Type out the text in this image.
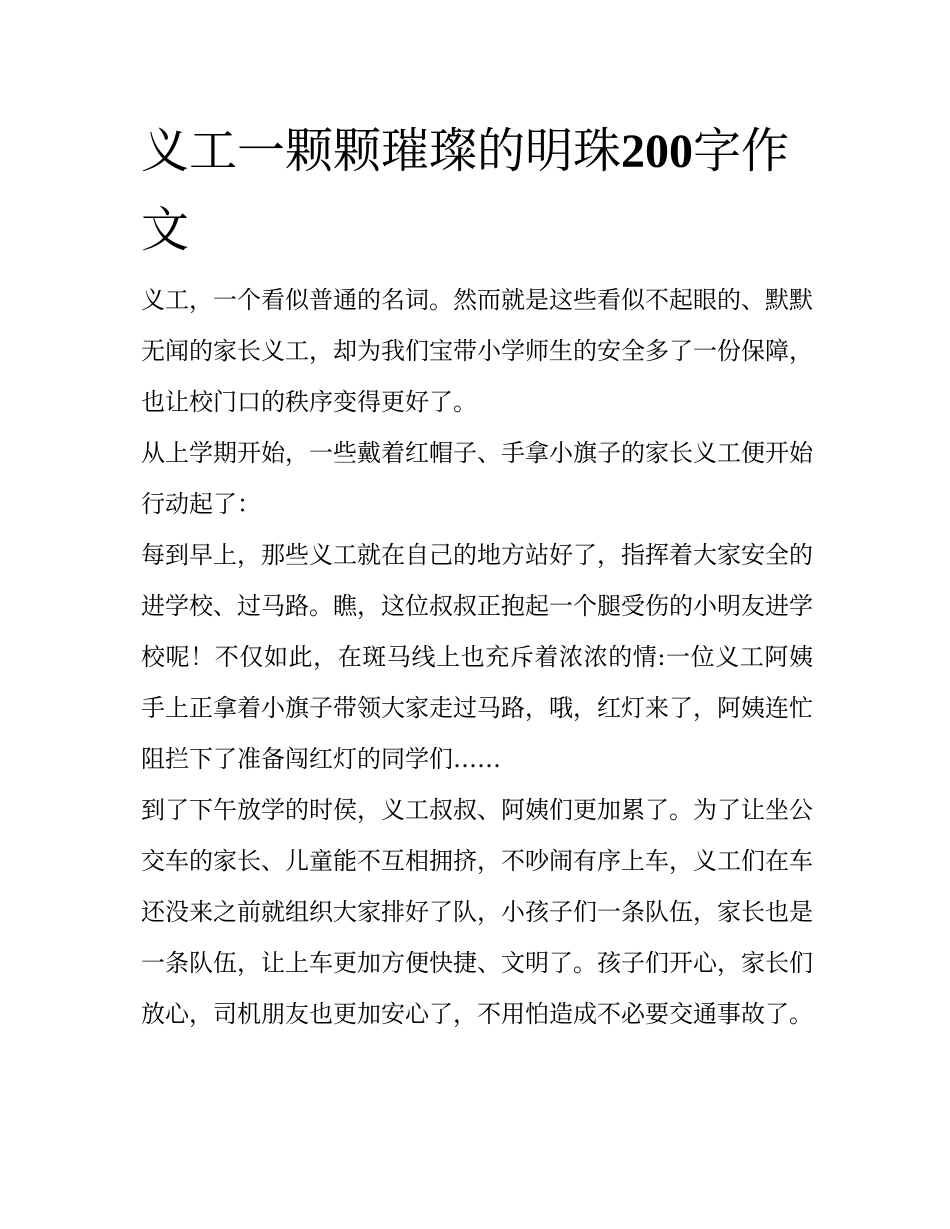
义工一颗颗璀璨的明珠200字作文

义工，一个看似普通的名词。然而就是这些看似不起眼的、默默无闻的家长义工，却为我们宝带小学师生的安全多了一份保障，也让校门口的秩序变得更好了。

从上学期开始，一些戴着红帽子、手拿小旗子的家长义工便开始行动起了：

每到早上，那些义工就在自己的地方站好了，指挥着大家安全的进学校、过马路。瞧，这位叔叔正抱起一个腿受伤的小明友进学校呢！不仅如此，在斑马线上也充斥着浓浓的情:一位义工阿姨手上正拿着小旗子带领大家走过马路，哦，红灯来了，阿姨连忙阻拦下了准备闯红灯的同学们……

到了下午放学的时侯，义工叔叔、阿姨们更加累了。为了让坐公交车的家长、儿童能不互相拥挤，不吵闹有序上车，义工们在车还没来之前就组织大家排好了队，小孩子们一条队伍，家长也是一条队伍，让上车更加方便快捷、文明了。孩子们开心，家长们放心，司机朋友也更加安心了，不用怕造成不必要交通事故了。
